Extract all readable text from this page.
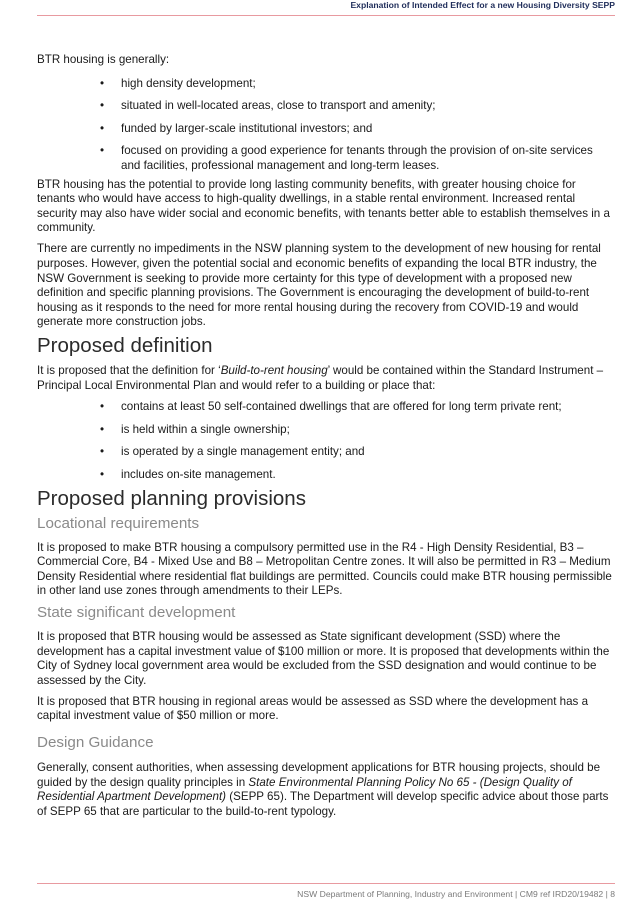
Explanation of Intended Effect for a new Housing Diversity SEPP

BTR housing is generally:

• high density development;
• situated in well-located areas, close to transport and amenity;
• funded by larger-scale institutional investors; and
• focused on providing a good experience for tenants through the provision of on-site services and facilities, professional management and long-term leases.

BTR housing has the potential to provide long lasting community benefits, with greater housing choice for tenants who would have access to high-quality dwellings, in a stable rental environment. Increased rental security may also have wider social and economic benefits, with tenants better able to establish themselves in a community.

There are currently no impediments in the NSW planning system to the development of new housing for rental purposes. However, given the potential social and economic benefits of expanding the local BTR industry, the NSW Government is seeking to provide more certainty for this type of development with a proposed new definition and specific planning provisions. The Government is encouraging the development of build-to-rent housing as it responds to the need for more rental housing during the recovery from COVID-19 and would generate more construction jobs.

Proposed definition

It is proposed that the definition for ‘Build-to-rent housing’ would be contained within the Standard Instrument – Principal Local Environmental Plan and would refer to a building or place that:

• contains at least 50 self-contained dwellings that are offered for long term private rent;
• is held within a single ownership;
• is operated by a single management entity; and
• includes on-site management.
Proposed planning provisions
Locational requirements

It is proposed to make BTR housing a compulsory permitted use in the R4 - High Density Residential, B3 – Commercial Core, B4 - Mixed Use and B8 – Metropolitan Centre zones. It will also be permitted in R3 – Medium Density Residential where residential flat buildings are permitted. Councils could make BTR housing permissible in other land use zones through amendments to their LEPs.

State significant development

It is proposed that BTR housing would be assessed as State significant development (SSD) where the development has a capital investment value of $100 million or more. It is proposed that developments within the City of Sydney local government area would be excluded from the SSD designation and would continue to be assessed by the City.

It is proposed that BTR housing in regional areas would be assessed as SSD where the development has a capital investment value of $50 million or more.

Design Guidance

Generally, consent authorities, when assessing development applications for BTR housing projects, should be guided by the design quality principles in State Environmental Planning Policy No 65 - (Design Quality of Residential Apartment Development) (SEPP 65). The Department will develop specific advice about those parts of SEPP 65 that are particular to the build-to-rent typology.

NSW Department of Planning, Industry and Environment | CM9 ref IRD20/19482 | 8
